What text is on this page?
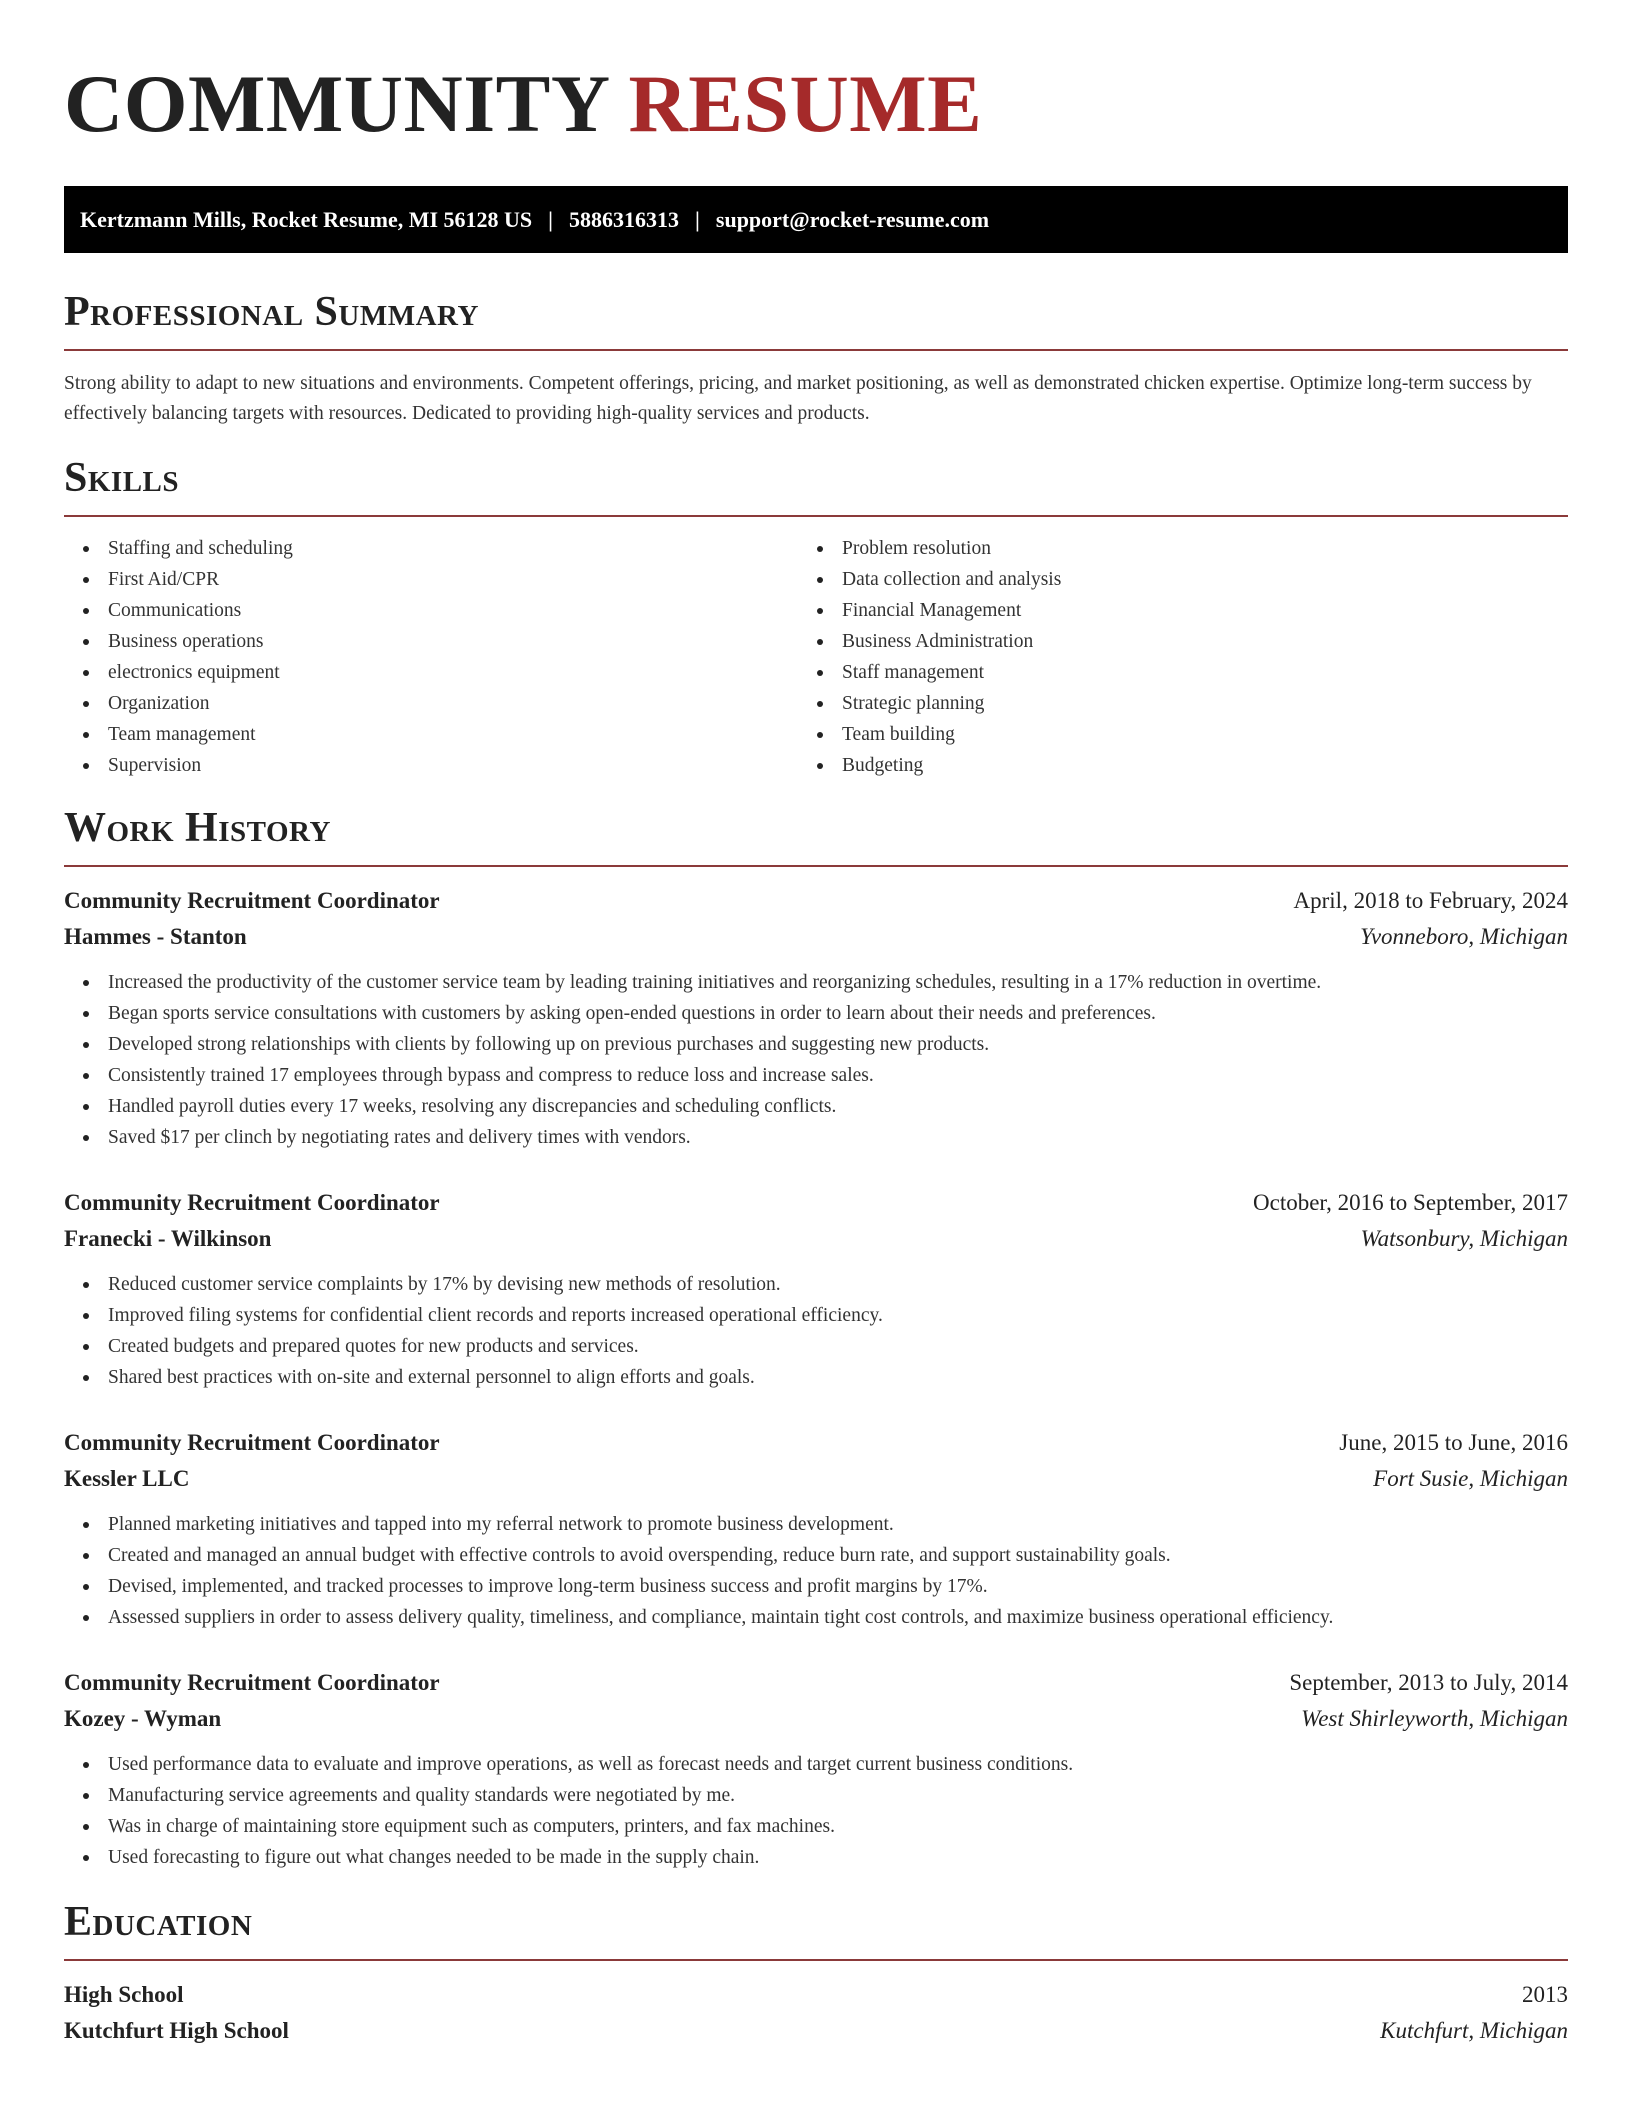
COMMUNITY RESUME
Kertzmann Mills, Rocket Resume, MI 56128 US | 5886316313 | support@rocket-resume.com
Professional Summary

Strong ability to adapt to new situations and environments. Competent offerings, pricing, and market positioning, as well as demonstrated chicken expertise. Optimize long-term success by effectively balancing targets with resources. Dedicated to providing high-quality services and products.

Skills
Staffing and scheduling
First Aid/CPR
Communications
Business operations
electronics equipment
Organization
Team management
Supervision
Problem resolution
Data collection and analysis
Financial Management
Business Administration
Staff management
Strategic planning
Team building
Budgeting
Work History
Community Recruitment Coordinator	April, 2018 to February, 2024
Hammes - Stanton	Yvonneboro, Michigan
Increased the productivity of the customer service team by leading training initiatives and reorganizing schedules, resulting in a 17% reduction in overtime.
Began sports service consultations with customers by asking open-ended questions in order to learn about their needs and preferences.
Developed strong relationships with clients by following up on previous purchases and suggesting new products.
Consistently trained 17 employees through bypass and compress to reduce loss and increase sales.
Handled payroll duties every 17 weeks, resolving any discrepancies and scheduling conflicts.
Saved $17 per clinch by negotiating rates and delivery times with vendors.
Community Recruitment Coordinator	October, 2016 to September, 2017
Franecki - Wilkinson	Watsonbury, Michigan
Reduced customer service complaints by 17% by devising new methods of resolution.
Improved filing systems for confidential client records and reports increased operational efficiency.
Created budgets and prepared quotes for new products and services.
Shared best practices with on-site and external personnel to align efforts and goals.
Community Recruitment Coordinator	June, 2015 to June, 2016
Kessler LLC	Fort Susie, Michigan
Planned marketing initiatives and tapped into my referral network to promote business development.
Created and managed an annual budget with effective controls to avoid overspending, reduce burn rate, and support sustainability goals.
Devised, implemented, and tracked processes to improve long-term business success and profit margins by 17%.
Assessed suppliers in order to assess delivery quality, timeliness, and compliance, maintain tight cost controls, and maximize business operational efficiency.
Community Recruitment Coordinator	September, 2013 to July, 2014
Kozey - Wyman	West Shirleyworth, Michigan
Used performance data to evaluate and improve operations, as well as forecast needs and target current business conditions.
Manufacturing service agreements and quality standards were negotiated by me.
Was in charge of maintaining store equipment such as computers, printers, and fax machines.
Used forecasting to figure out what changes needed to be made in the supply chain.
Education
High School	2013
Kutchfurt High School	Kutchfurt, Michigan
